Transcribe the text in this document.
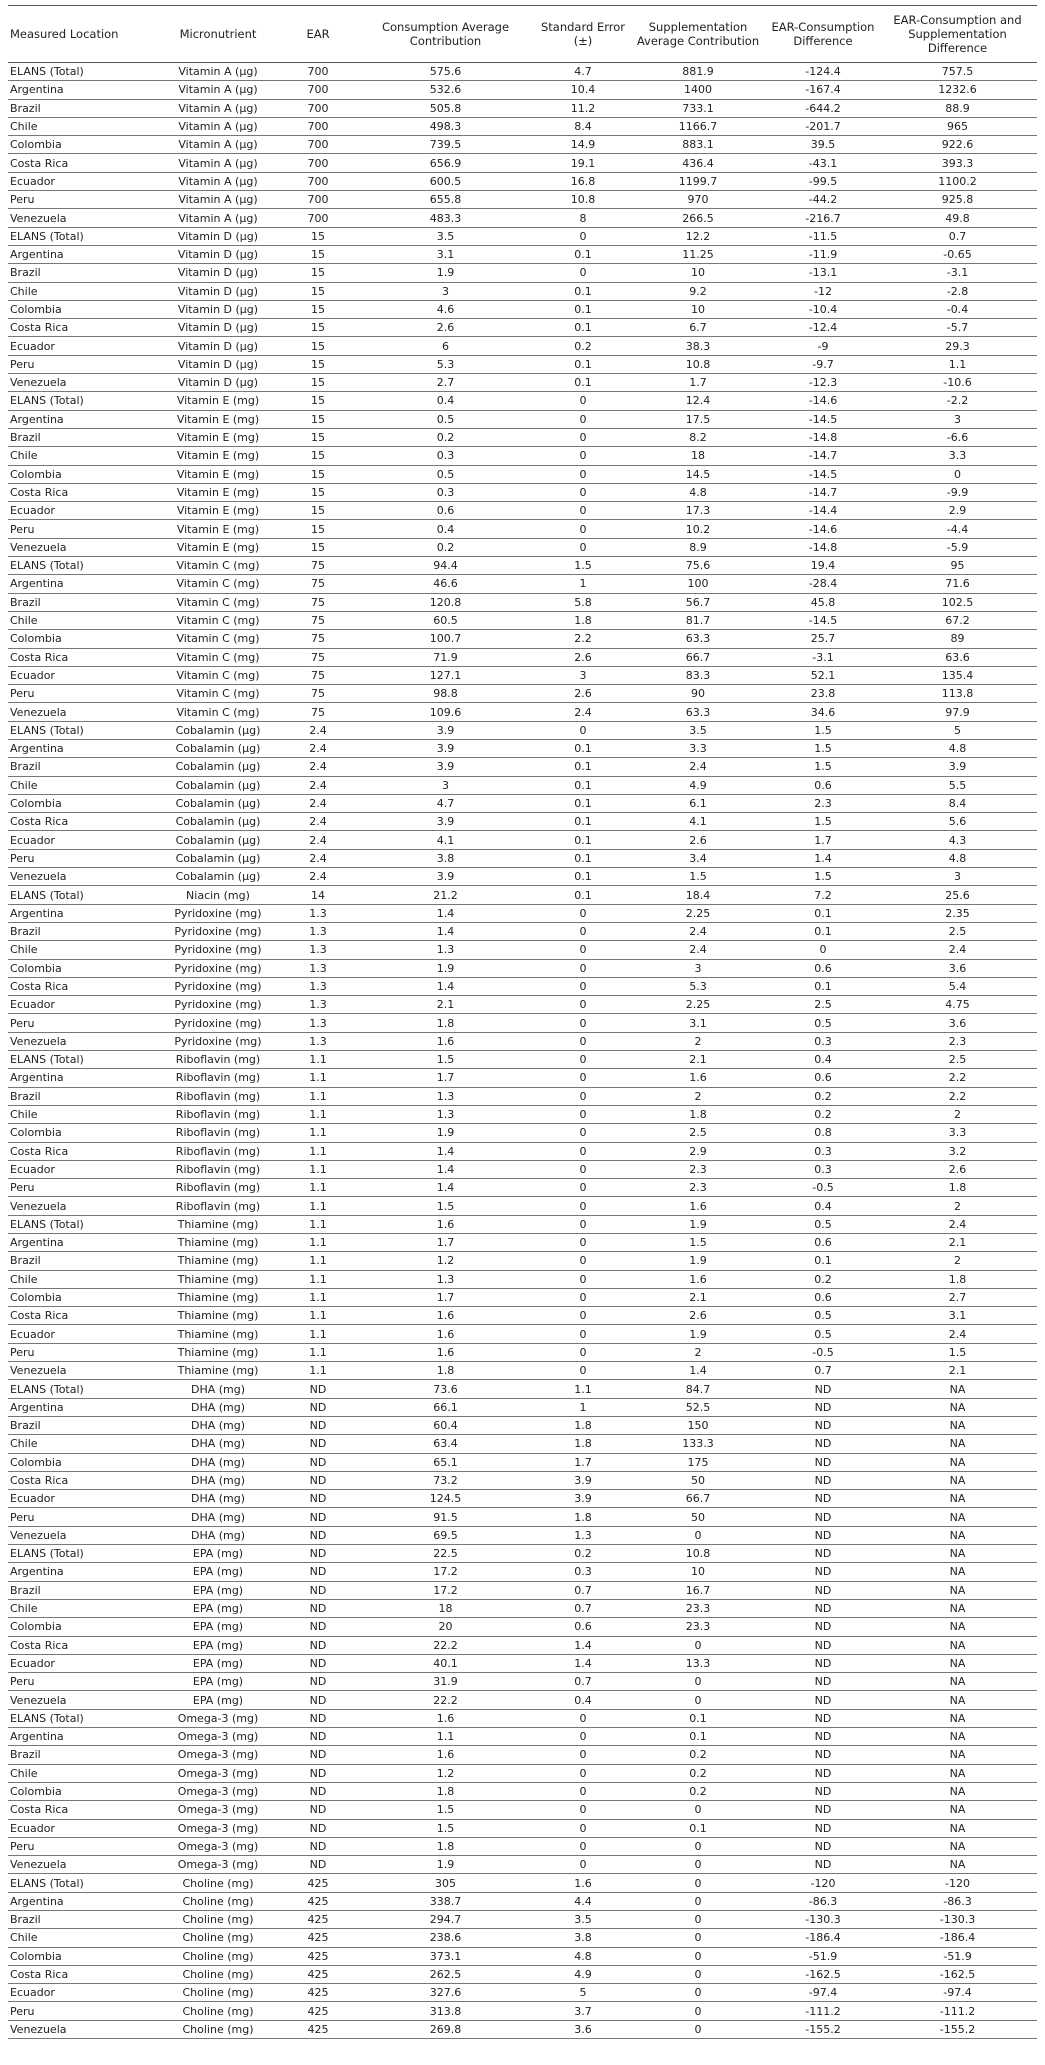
Measured Location	Micronutrient	EAR	Consumption Average Contribution	Standard Error (±)	Supplementation Average Contribution	EAR-Consumption Difference	EAR-Consumption and Supplementation Difference
ELANS (Total)	Vitamin A (µg)	700	575.6	4.7	881.9	-124.4	757.5
Argentina	Vitamin A (µg)	700	532.6	10.4	1400	-167.4	1232.6
Brazil	Vitamin A (µg)	700	505.8	11.2	733.1	-644.2	88.9
Chile	Vitamin A (µg)	700	498.3	8.4	1166.7	-201.7	965
Colombia	Vitamin A (µg)	700	739.5	14.9	883.1	39.5	922.6
Costa Rica	Vitamin A (µg)	700	656.9	19.1	436.4	-43.1	393.3
Ecuador	Vitamin A (µg)	700	600.5	16.8	1199.7	-99.5	1100.2
Peru	Vitamin A (µg)	700	655.8	10.8	970	-44.2	925.8
Venezuela	Vitamin A (µg)	700	483.3	8	266.5	-216.7	49.8
ELANS (Total)	Vitamin D (µg)	15	3.5	0	12.2	-11.5	0.7
Argentina	Vitamin D (µg)	15	3.1	0.1	11.25	-11.9	-0.65
Brazil	Vitamin D (µg)	15	1.9	0	10	-13.1	-3.1
Chile	Vitamin D (µg)	15	3	0.1	9.2	-12	-2.8
Colombia	Vitamin D (µg)	15	4.6	0.1	10	-10.4	-0.4
Costa Rica	Vitamin D (µg)	15	2.6	0.1	6.7	-12.4	-5.7
Ecuador	Vitamin D (µg)	15	6	0.2	38.3	-9	29.3
Peru	Vitamin D (µg)	15	5.3	0.1	10.8	-9.7	1.1
Venezuela	Vitamin D (µg)	15	2.7	0.1	1.7	-12.3	-10.6
ELANS (Total)	Vitamin E (mg)	15	0.4	0	12.4	-14.6	-2.2
Argentina	Vitamin E (mg)	15	0.5	0	17.5	-14.5	3
Brazil	Vitamin E (mg)	15	0.2	0	8.2	-14.8	-6.6
Chile	Vitamin E (mg)	15	0.3	0	18	-14.7	3.3
Colombia	Vitamin E (mg)	15	0.5	0	14.5	-14.5	0
Costa Rica	Vitamin E (mg)	15	0.3	0	4.8	-14.7	-9.9
Ecuador	Vitamin E (mg)	15	0.6	0	17.3	-14.4	2.9
Peru	Vitamin E (mg)	15	0.4	0	10.2	-14.6	-4.4
Venezuela	Vitamin E (mg)	15	0.2	0	8.9	-14.8	-5.9
ELANS (Total)	Vitamin C (mg)	75	94.4	1.5	75.6	19.4	95
Argentina	Vitamin C (mg)	75	46.6	1	100	-28.4	71.6
Brazil	Vitamin C (mg)	75	120.8	5.8	56.7	45.8	102.5
Chile	Vitamin C (mg)	75	60.5	1.8	81.7	-14.5	67.2
Colombia	Vitamin C (mg)	75	100.7	2.2	63.3	25.7	89
Costa Rica	Vitamin C (mg)	75	71.9	2.6	66.7	-3.1	63.6
Ecuador	Vitamin C (mg)	75	127.1	3	83.3	52.1	135.4
Peru	Vitamin C (mg)	75	98.8	2.6	90	23.8	113.8
Venezuela	Vitamin C (mg)	75	109.6	2.4	63.3	34.6	97.9
ELANS (Total)	Cobalamin (µg)	2.4	3.9	0	3.5	1.5	5
Argentina	Cobalamin (µg)	2.4	3.9	0.1	3.3	1.5	4.8
Brazil	Cobalamin (µg)	2.4	3.9	0.1	2.4	1.5	3.9
Chile	Cobalamin (µg)	2.4	3	0.1	4.9	0.6	5.5
Colombia	Cobalamin (µg)	2.4	4.7	0.1	6.1	2.3	8.4
Costa Rica	Cobalamin (µg)	2.4	3.9	0.1	4.1	1.5	5.6
Ecuador	Cobalamin (µg)	2.4	4.1	0.1	2.6	1.7	4.3
Peru	Cobalamin (µg)	2.4	3.8	0.1	3.4	1.4	4.8
Venezuela	Cobalamin (µg)	2.4	3.9	0.1	1.5	1.5	3
ELANS (Total)	Niacin (mg)	14	21.2	0.1	18.4	7.2	25.6
Argentina	Pyridoxine (mg)	1.3	1.4	0	2.25	0.1	2.35
Brazil	Pyridoxine (mg)	1.3	1.4	0	2.4	0.1	2.5
Chile	Pyridoxine (mg)	1.3	1.3	0	2.4	0	2.4
Colombia	Pyridoxine (mg)	1.3	1.9	0	3	0.6	3.6
Costa Rica	Pyridoxine (mg)	1.3	1.4	0	5.3	0.1	5.4
Ecuador	Pyridoxine (mg)	1.3	2.1	0	2.25	2.5	4.75
Peru	Pyridoxine (mg)	1.3	1.8	0	3.1	0.5	3.6
Venezuela	Pyridoxine (mg)	1.3	1.6	0	2	0.3	2.3
ELANS (Total)	Riboflavin (mg)	1.1	1.5	0	2.1	0.4	2.5
Argentina	Riboflavin (mg)	1.1	1.7	0	1.6	0.6	2.2
Brazil	Riboflavin (mg)	1.1	1.3	0	2	0.2	2.2
Chile	Riboflavin (mg)	1.1	1.3	0	1.8	0.2	2
Colombia	Riboflavin (mg)	1.1	1.9	0	2.5	0.8	3.3
Costa Rica	Riboflavin (mg)	1.1	1.4	0	2.9	0.3	3.2
Ecuador	Riboflavin (mg)	1.1	1.4	0	2.3	0.3	2.6
Peru	Riboflavin (mg)	1.1	1.4	0	2.3	-0.5	1.8
Venezuela	Riboflavin (mg)	1.1	1.5	0	1.6	0.4	2
ELANS (Total)	Thiamine (mg)	1.1	1.6	0	1.9	0.5	2.4
Argentina	Thiamine (mg)	1.1	1.7	0	1.5	0.6	2.1
Brazil	Thiamine (mg)	1.1	1.2	0	1.9	0.1	2
Chile	Thiamine (mg)	1.1	1.3	0	1.6	0.2	1.8
Colombia	Thiamine (mg)	1.1	1.7	0	2.1	0.6	2.7
Costa Rica	Thiamine (mg)	1.1	1.6	0	2.6	0.5	3.1
Ecuador	Thiamine (mg)	1.1	1.6	0	1.9	0.5	2.4
Peru	Thiamine (mg)	1.1	1.6	0	2	-0.5	1.5
Venezuela	Thiamine (mg)	1.1	1.8	0	1.4	0.7	2.1
ELANS (Total)	DHA (mg)	ND	73.6	1.1	84.7	ND	NA
Argentina	DHA (mg)	ND	66.1	1	52.5	ND	NA
Brazil	DHA (mg)	ND	60.4	1.8	150	ND	NA
Chile	DHA (mg)	ND	63.4	1.8	133.3	ND	NA
Colombia	DHA (mg)	ND	65.1	1.7	175	ND	NA
Costa Rica	DHA (mg)	ND	73.2	3.9	50	ND	NA
Ecuador	DHA (mg)	ND	124.5	3.9	66.7	ND	NA
Peru	DHA (mg)	ND	91.5	1.8	50	ND	NA
Venezuela	DHA (mg)	ND	69.5	1.3	0	ND	NA
ELANS (Total)	EPA (mg)	ND	22.5	0.2	10.8	ND	NA
Argentina	EPA (mg)	ND	17.2	0.3	10	ND	NA
Brazil	EPA (mg)	ND	17.2	0.7	16.7	ND	NA
Chile	EPA (mg)	ND	18	0.7	23.3	ND	NA
Colombia	EPA (mg)	ND	20	0.6	23.3	ND	NA
Costa Rica	EPA (mg)	ND	22.2	1.4	0	ND	NA
Ecuador	EPA (mg)	ND	40.1	1.4	13.3	ND	NA
Peru	EPA (mg)	ND	31.9	0.7	0	ND	NA
Venezuela	EPA (mg)	ND	22.2	0.4	0	ND	NA
ELANS (Total)	Omega-3 (mg)	ND	1.6	0	0.1	ND	NA
Argentina	Omega-3 (mg)	ND	1.1	0	0.1	ND	NA
Brazil	Omega-3 (mg)	ND	1.6	0	0.2	ND	NA
Chile	Omega-3 (mg)	ND	1.2	0	0.2	ND	NA
Colombia	Omega-3 (mg)	ND	1.8	0	0.2	ND	NA
Costa Rica	Omega-3 (mg)	ND	1.5	0	0	ND	NA
Ecuador	Omega-3 (mg)	ND	1.5	0	0.1	ND	NA
Peru	Omega-3 (mg)	ND	1.8	0	0	ND	NA
Venezuela	Omega-3 (mg)	ND	1.9	0	0	ND	NA
ELANS (Total)	Choline (mg)	425	305	1.6	0	-120	-120
Argentina	Choline (mg)	425	338.7	4.4	0	-86.3	-86.3
Brazil	Choline (mg)	425	294.7	3.5	0	-130.3	-130.3
Chile	Choline (mg)	425	238.6	3.8	0	-186.4	-186.4
Colombia	Choline (mg)	425	373.1	4.8	0	-51.9	-51.9
Costa Rica	Choline (mg)	425	262.5	4.9	0	-162.5	-162.5
Ecuador	Choline (mg)	425	327.6	5	0	-97.4	-97.4
Peru	Choline (mg)	425	313.8	3.7	0	-111.2	-111.2
Venezuela	Choline (mg)	425	269.8	3.6	0	-155.2	-155.2
